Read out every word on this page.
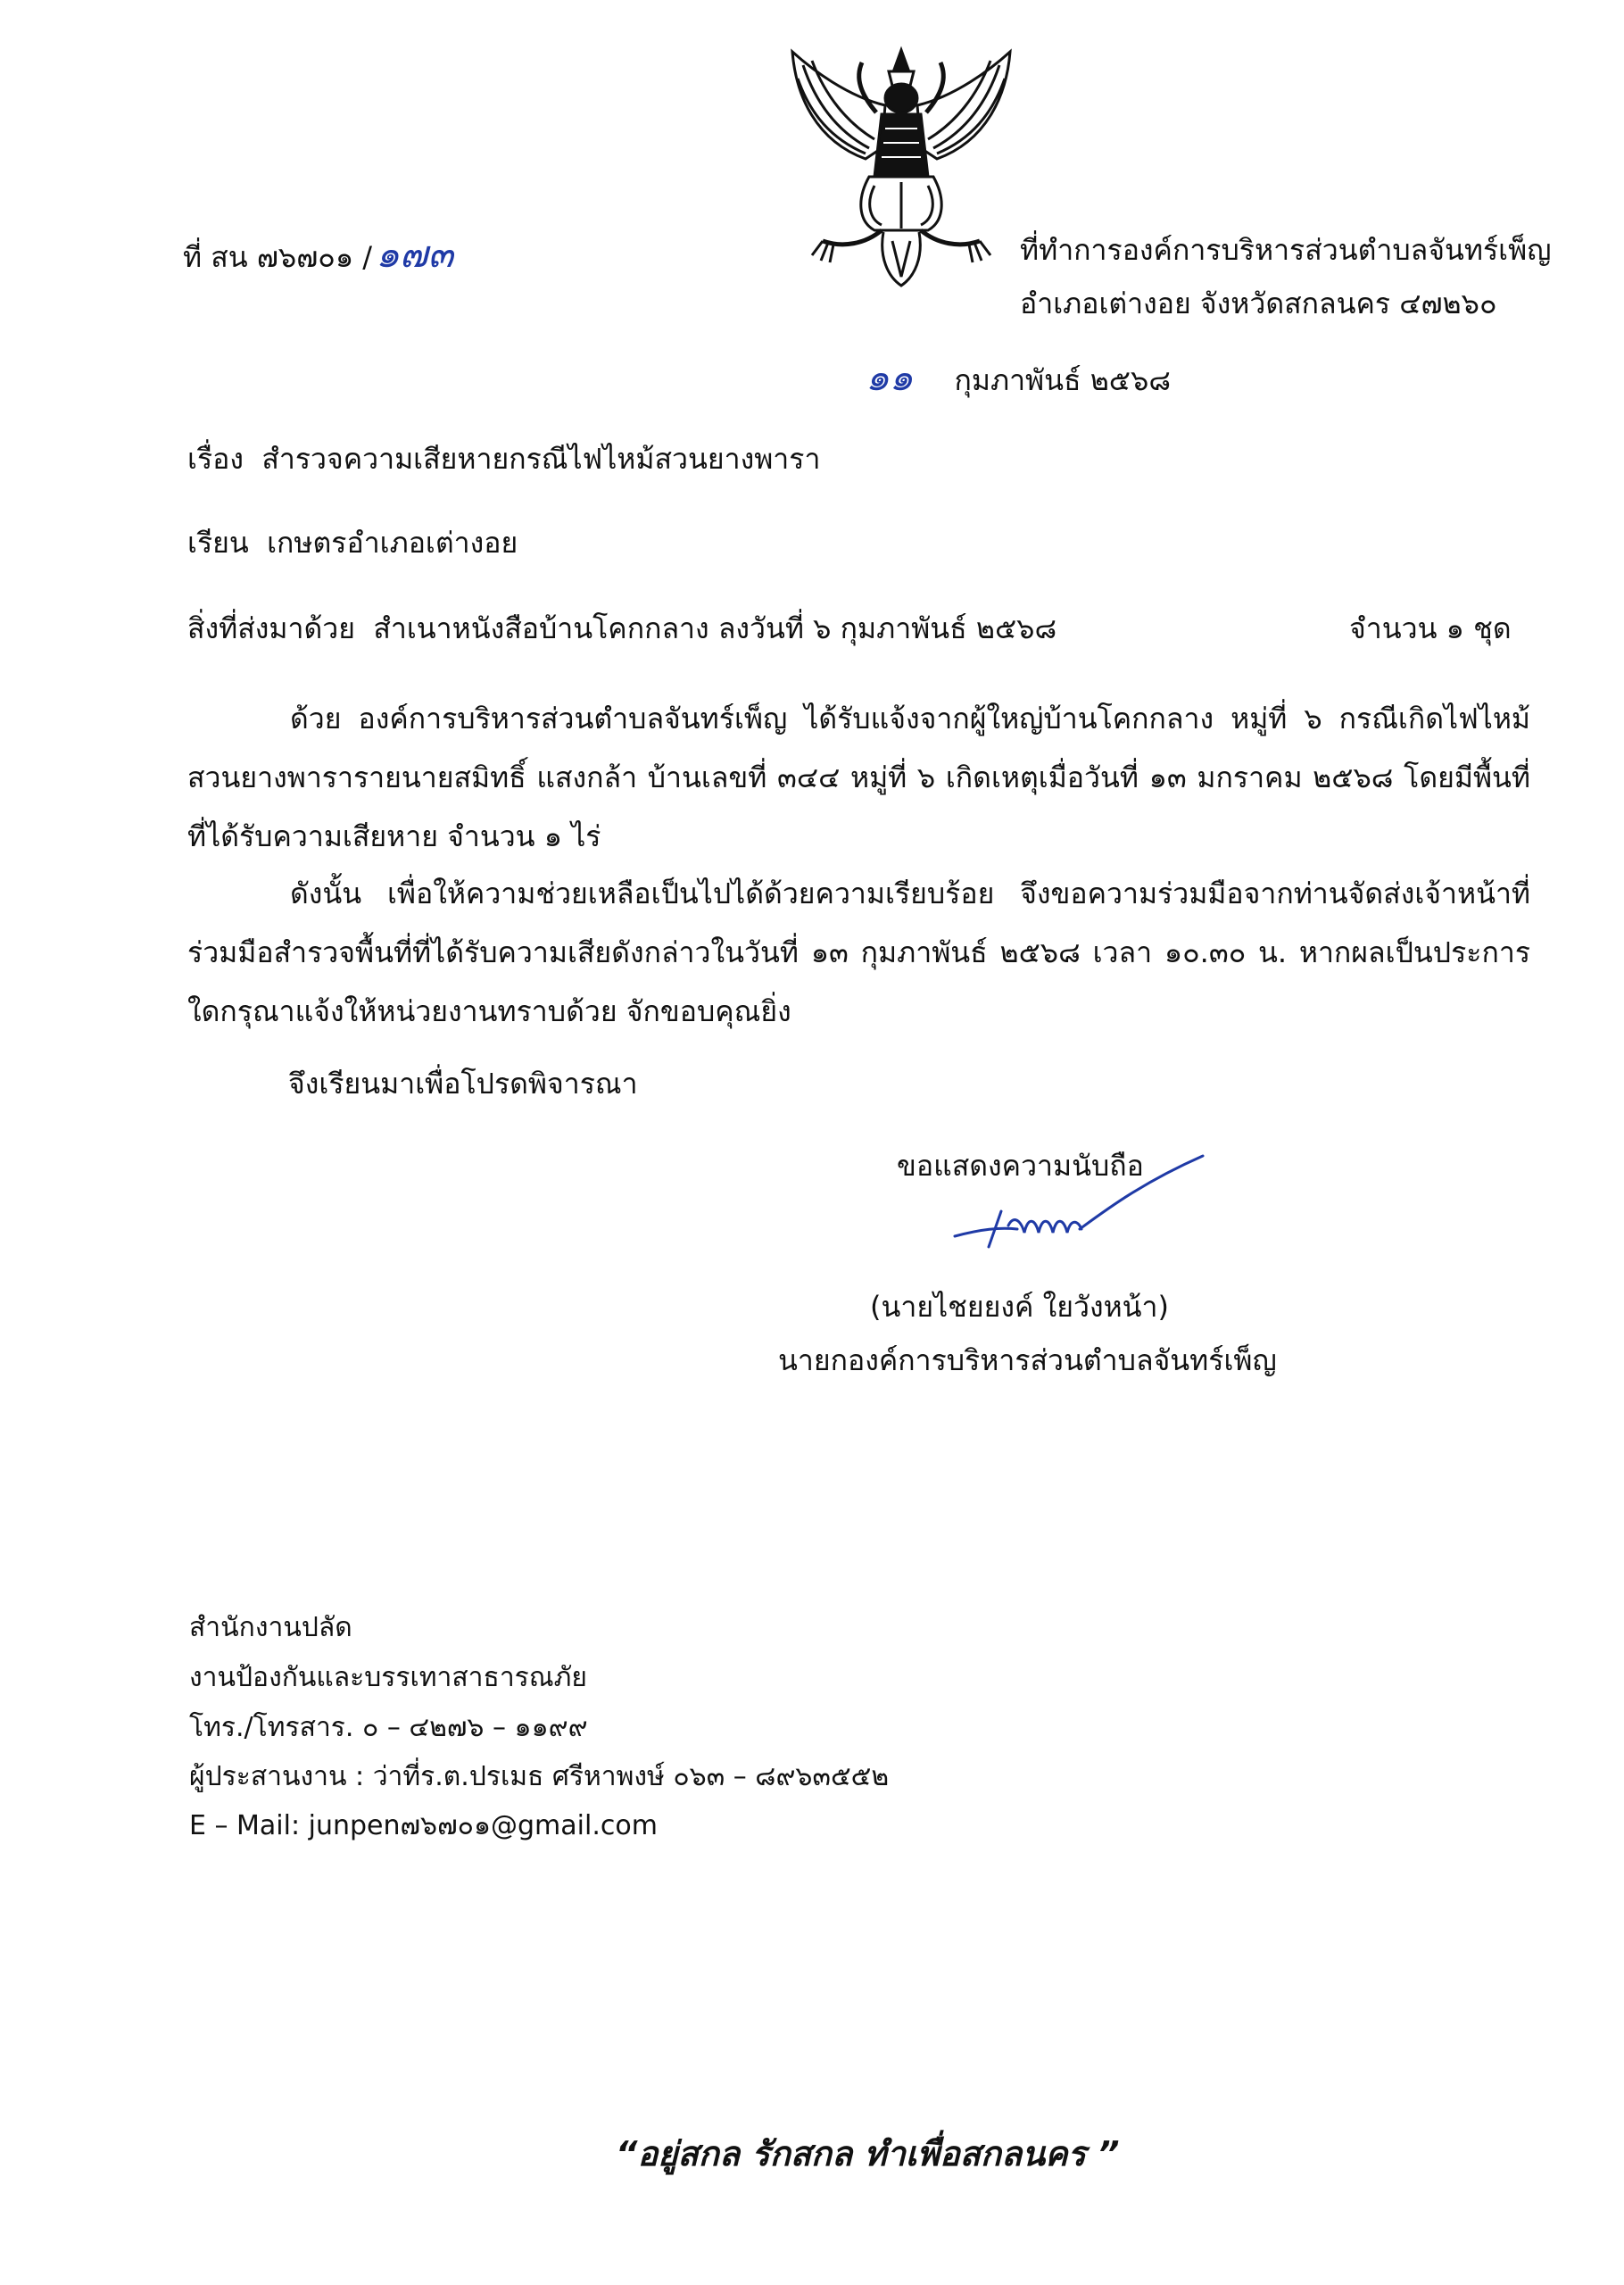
ที่ สน ๗๖๗๐๑ /๑๗๓	ที่ทำการองค์การบริหารส่วนตำบลจันทร์เพ็ญ
อำเภอเต่างอย จังหวัดสกลนคร ๔๗๒๖๐
๑๑ กุมภาพันธ์ ๒๕๖๘
เรื่อง สำรวจความเสียหายกรณีไฟไหม้สวนยางพารา
เรียน เกษตรอำเภอเต่างอย
สิ่งที่ส่งมาด้วย สำเนาหนังสือบ้านโคกกลาง ลงวันที่ ๖ กุมภาพันธ์ ๒๕๖๘	จำนวน ๑ ชุด
ด้วย องค์การบริหารส่วนตำบลจันทร์เพ็ญ ได้รับแจ้งจากผู้ใหญ่บ้านโคกกลาง หมู่ที่ ๖ กรณีเกิดไฟไหม้สวนยางพารารายนายสมิทธิ์ แสงกล้า บ้านเลขที่ ๓๔๔ หมู่ที่ ๖ เกิดเหตุเมื่อวันที่ ๑๓ มกราคม ๒๕๖๘ โดยมีพื้นที่ที่ได้รับความเสียหาย จำนวน ๑ ไร่
ดังนั้น เพื่อให้ความช่วยเหลือเป็นไปได้ด้วยความเรียบร้อย จึงขอความร่วมมือจากท่านจัดส่งเจ้าหน้าที่ร่วมมือสำรวจพื้นที่ที่ได้รับความเสียดังกล่าวในวันที่ ๑๓ กุมภาพันธ์ ๒๕๖๘ เวลา ๑๐.๓๐ น. หากผลเป็นประการใดกรุณาแจ้งให้หน่วยงานทราบด้วย จักขอบคุณยิ่ง
จึงเรียนมาเพื่อโปรดพิจารณา
ขอแสดงความนับถือ
(นายไชยยงค์ ใยวังหน้า)
นายกองค์การบริหารส่วนตำบลจันทร์เพ็ญ
สำนักงานปลัด
งานป้องกันและบรรเทาสาธารณภัย
โทร./โทรสาร. ๐ – ๔๒๗๖ – ๑๑๙๙
ผู้ประสานงาน : ว่าที่ร.ต.ปรเมธ ศรีหาพงษ์ ๐๖๓ – ๘๙๖๓๕๕๒
E – Mail: junpen๗๖๗๐๑@gmail.com
“อยู่สกล รักสกล ทำเพื่อสกลนคร ”
